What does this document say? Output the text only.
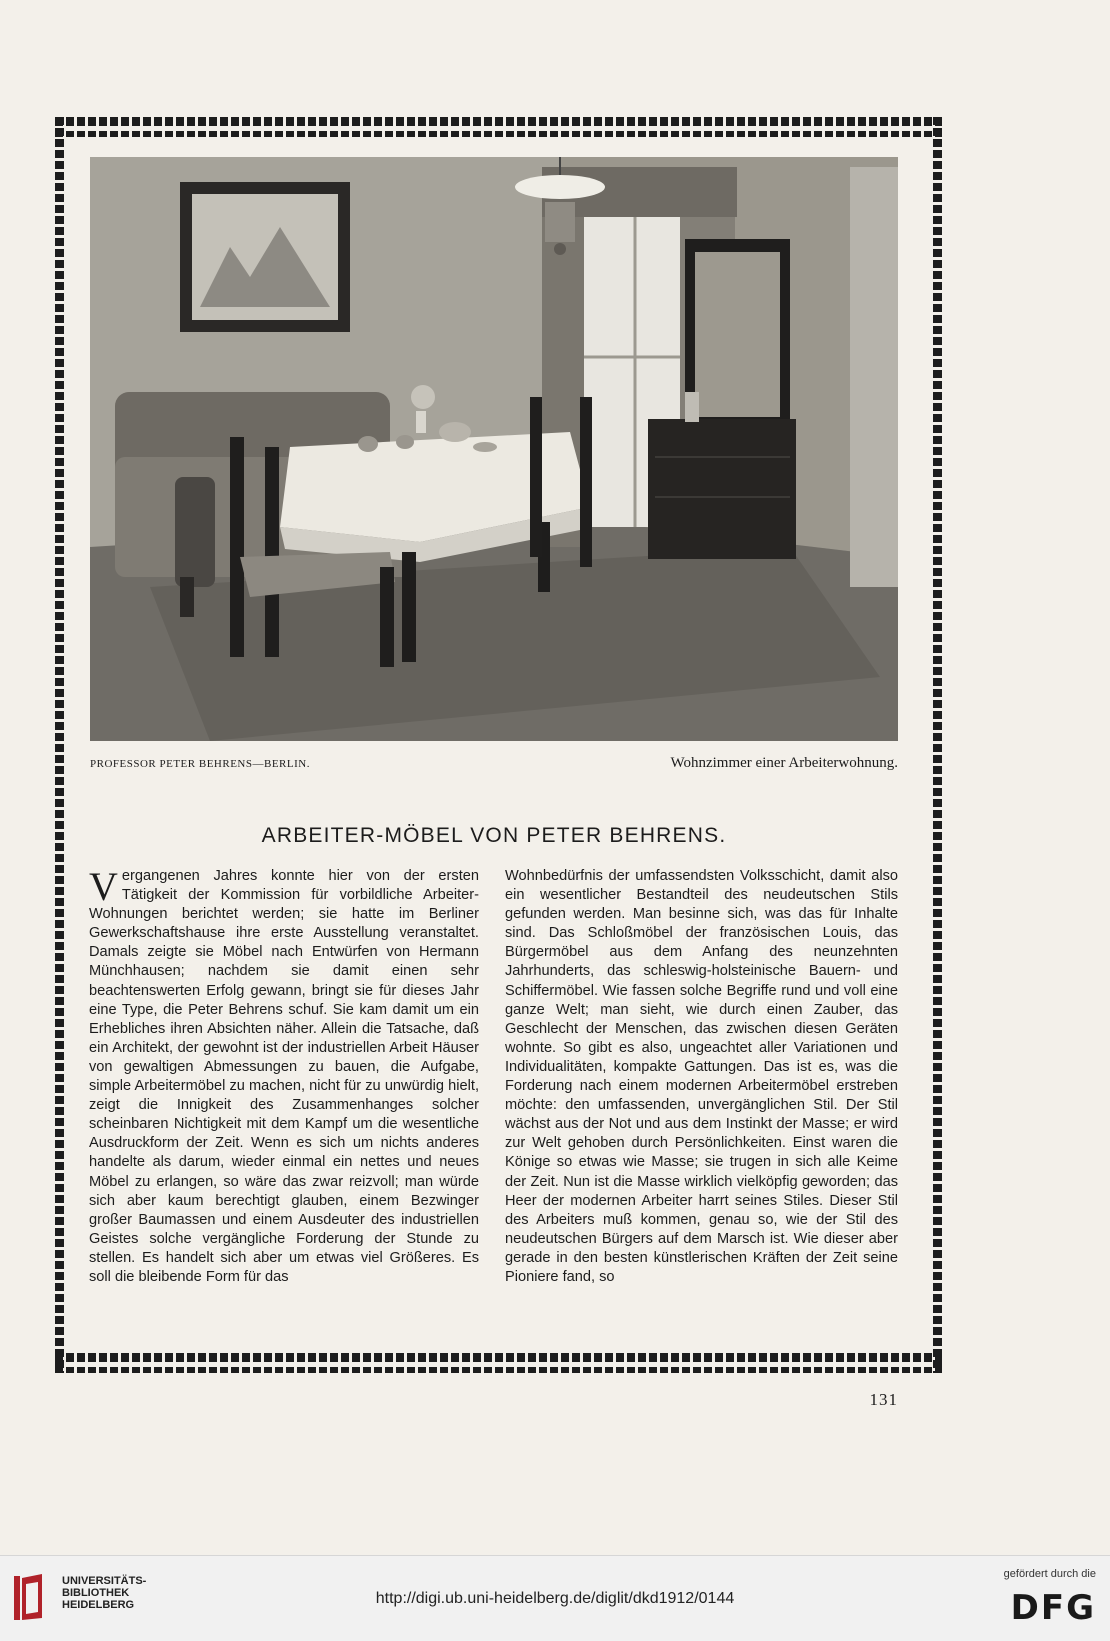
PROFESSOR PETER BEHRENS—BERLIN.	Wohnzimmer einer Arbeiterwohnung.
ARBEITER-MÖBEL VON PETER BEHRENS.
V ergangenen Jahres konnte hier von der ersten Tätigkeit der Kommission für vorbildliche Arbeiter-Wohnungen berichtet werden; sie hatte im Berliner Gewerkschaftshause ihre erste Ausstellung veranstaltet. Damals zeigte sie Möbel nach Entwürfen von Hermann Münchhausen; nachdem sie damit einen sehr beachtenswerten Erfolg gewann, bringt sie für dieses Jahr eine Type, die Peter Behrens schuf. Sie kam damit um ein Erhebliches ihren Absichten näher. Allein die Tatsache, daß ein Architekt, der gewohnt ist der industriellen Arbeit Häuser von gewaltigen Abmessungen zu bauen, die Aufgabe, simple Arbeitermöbel zu machen, nicht für zu unwürdig hielt, zeigt die Innigkeit des Zusammenhanges solcher scheinbaren Nichtigkeit mit dem Kampf um die wesentliche Ausdruckform der Zeit. Wenn es sich um nichts anderes handelte als darum, wieder einmal ein nettes und neues Möbel zu erlangen, so wäre das zwar reizvoll; man würde sich aber kaum berechtigt glauben, einem Bezwinger großer Baumassen und einem Ausdeuter des industriellen Geistes solche vergängliche Forderung der Stunde zu stellen. Es handelt sich aber um etwas viel Größeres. Es soll die bleibende Form für das

Wohnbedürfnis der umfassendsten Volksschicht, damit also ein wesentlicher Bestandteil des neudeutschen Stils gefunden werden. Man besinne sich, was das für Inhalte sind. Das Schloßmöbel der französischen Louis, das Bürgermöbel aus dem Anfang des neunzehnten Jahrhunderts, das schleswig-holsteinische Bauern- und Schiffermöbel. Wie fassen solche Begriffe rund und voll eine ganze Welt; man sieht, wie durch einen Zauber, das Geschlecht der Menschen, das zwischen diesen Geräten wohnte. So gibt es also, ungeachtet aller Variationen und Individualitäten, kompakte Gattungen. Das ist es, was die Forderung nach einem modernen Arbeitermöbel erstreben möchte: den umfassenden, unvergänglichen Stil. Der Stil wächst aus der Not und aus dem Instinkt der Masse; er wird zur Welt gehoben durch Persönlichkeiten. Einst waren die Könige so etwas wie Masse; sie trugen in sich alle Keime der Zeit. Nun ist die Masse wirklich vielköpfig geworden; das Heer der modernen Arbeiter harrt seines Stiles. Dieser Stil des Arbeiters muß kommen, genau so, wie der Stil des neudeutschen Bürgers auf dem Marsch ist. Wie dieser aber gerade in den besten künstlerischen Kräften der Zeit seine Pioniere fand, so

131
UNIVERSITÄTS-
BIBLIOTHEK
HEIDELBERG	http://digi.ub.uni-heidelberg.de/diglit/dkd1912/0144
gefördert durch die
DFG
